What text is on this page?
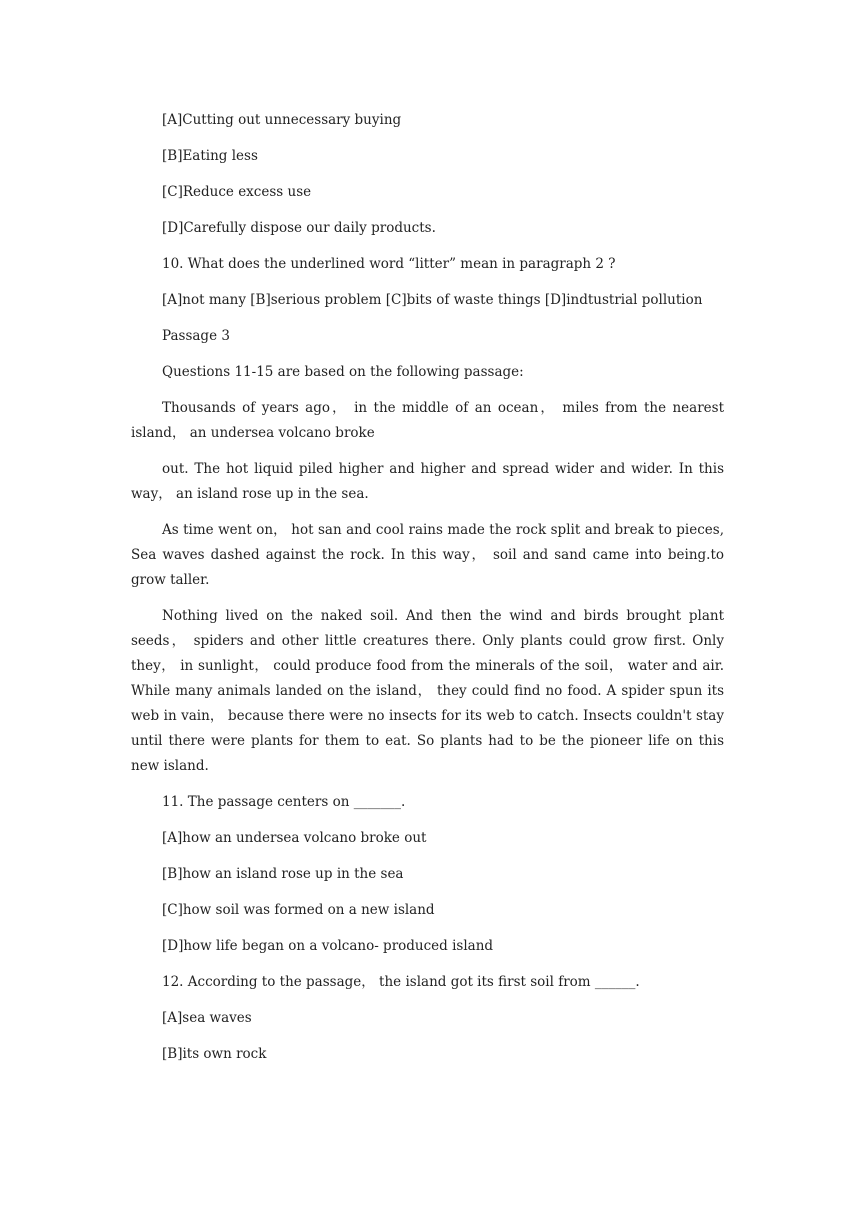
[A]Cutting out unnecessary buying

[B]Eating less

[C]Reduce excess use

[D]Carefully dispose our daily products.

10. What does the underlined word “litter” mean in paragraph 2 ?

[A]not many [B]serious problem [C]bits of waste things [D]indtustrial pollution

Passage 3

Questions 11-15 are based on the following passage:

Thousands of years ago， in the middle of an ocean， miles from the nearest island， an undersea volcano broke

out. The hot liquid piled higher and higher and spread wider and wider. In this way， an island rose up in the sea.

As time went on， hot san and cool rains made the rock split and break to pieces, Sea waves dashed against the rock. In this way， soil and sand came into being.to grow taller.

Nothing lived on the naked soil. And then the wind and birds brought plant seeds， spiders and other little creatures there. Only plants could grow first. Only they， in sunlight， could produce food from the minerals of the soil， water and air. While many animals landed on the island， they could find no food. A spider spun its web in vain， because there were no insects for its web to catch. Insects couldn't stay until there were plants for them to eat. So plants had to be the pioneer life on this new island.

11. The passage centers on _______.

[A]how an undersea volcano broke out

[B]how an island rose up in the sea

[C]how soil was formed on a new island

[D]how life began on a volcano- produced island

12. According to the passage， the island got its first soil from ______.

[A]sea waves

[B]its own rock
